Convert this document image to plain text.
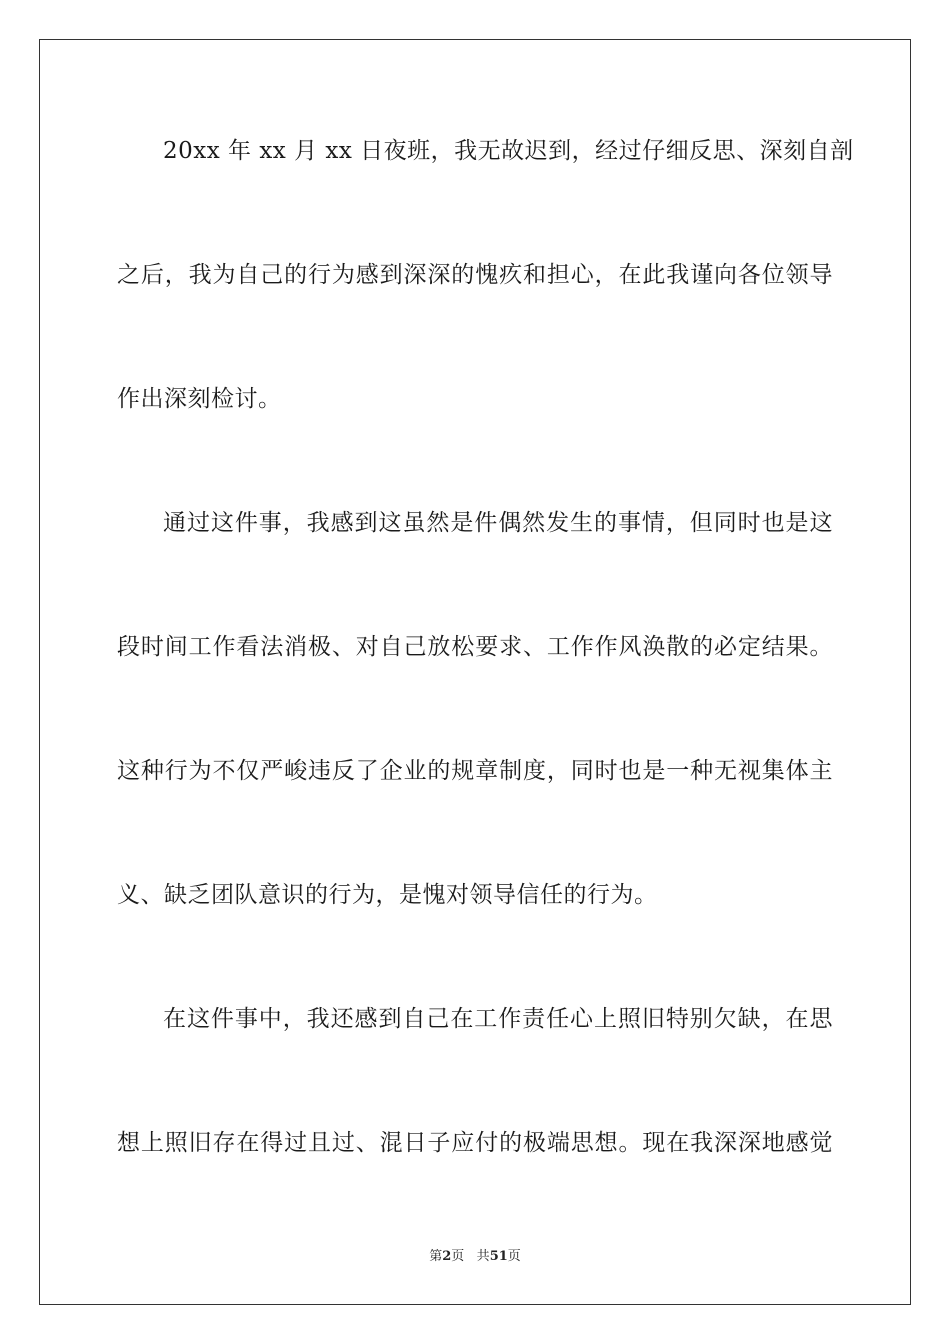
20xx 年 xx 月 xx 日夜班，我无故迟到，经过仔细反思、深刻自剖
之后，我为自己的行为感到深深的愧疚和担心，在此我谨向各位领导
作出深刻检讨。
通过这件事，我感到这虽然是件偶然发生的事情，但同时也是这
段时间工作看法消极、对自己放松要求、工作作风涣散的必定结果。
这种行为不仅严峻违反了企业的规章制度，同时也是一种无视集体主
义、缺乏团队意识的行为，是愧对领导信任的行为。
在这件事中，我还感到自己在工作责任心上照旧特别欠缺，在思
想上照旧存在得过且过、混日子应付的极端思想。现在我深深地感觉
第2页 共51页
